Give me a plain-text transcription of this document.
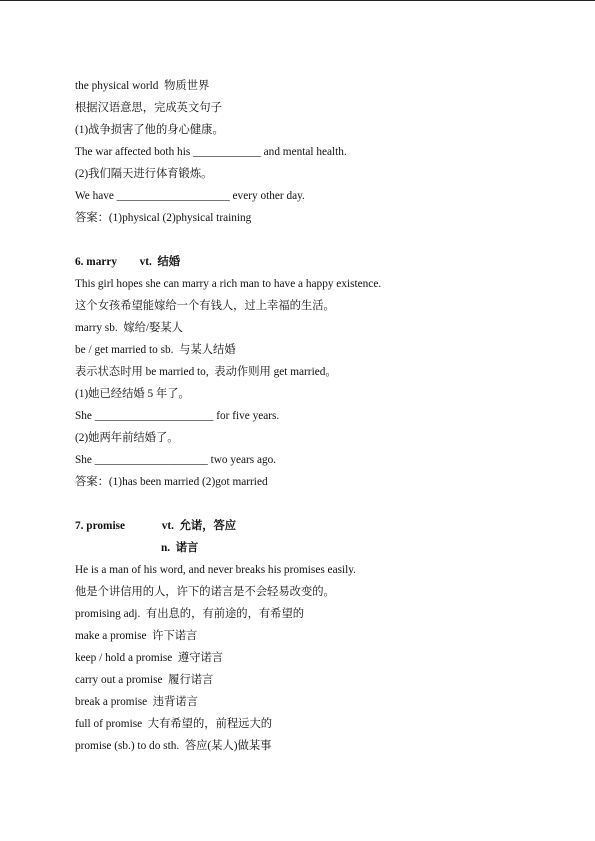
the physical world  物质世界
根据汉语意思，完成英文句子
(1)战争损害了他的身心健康。
The war affected both his ____________ and mental health.
(2)我们隔天进行体育锻炼。
We have ____________________ every other day.
答案：(1)physical (2)physical training
6. marry        vt.  结婚
This girl hopes she can marry a rich man to have a happy existence.
这个女孩希望能嫁给一个有钱人，过上幸福的生活。
marry sb.  嫁给/娶某人
be / get married to sb.  与某人结婚
表示状态时用 be married to,  表动作则用 get married。
(1)她已经结婚 5 年了。
She _____________________ for five years.
(2)她两年前结婚了。
She ____________________ two years ago.
答案：(1)has been married (2)got married
7. promise             vt.  允诺，答应
n.  诺言
He is a man of his word, and never breaks his promises easily.
他是个讲信用的人，许下的诺言是不会轻易改变的。
promising adj.  有出息的，有前途的，有希望的
make a promise  许下诺言
keep / hold a promise  遵守诺言
carry out a promise  履行诺言
break a promise  违背诺言
full of promise  大有希望的，前程远大的
promise (sb.) to do sth.  答应(某人)做某事
